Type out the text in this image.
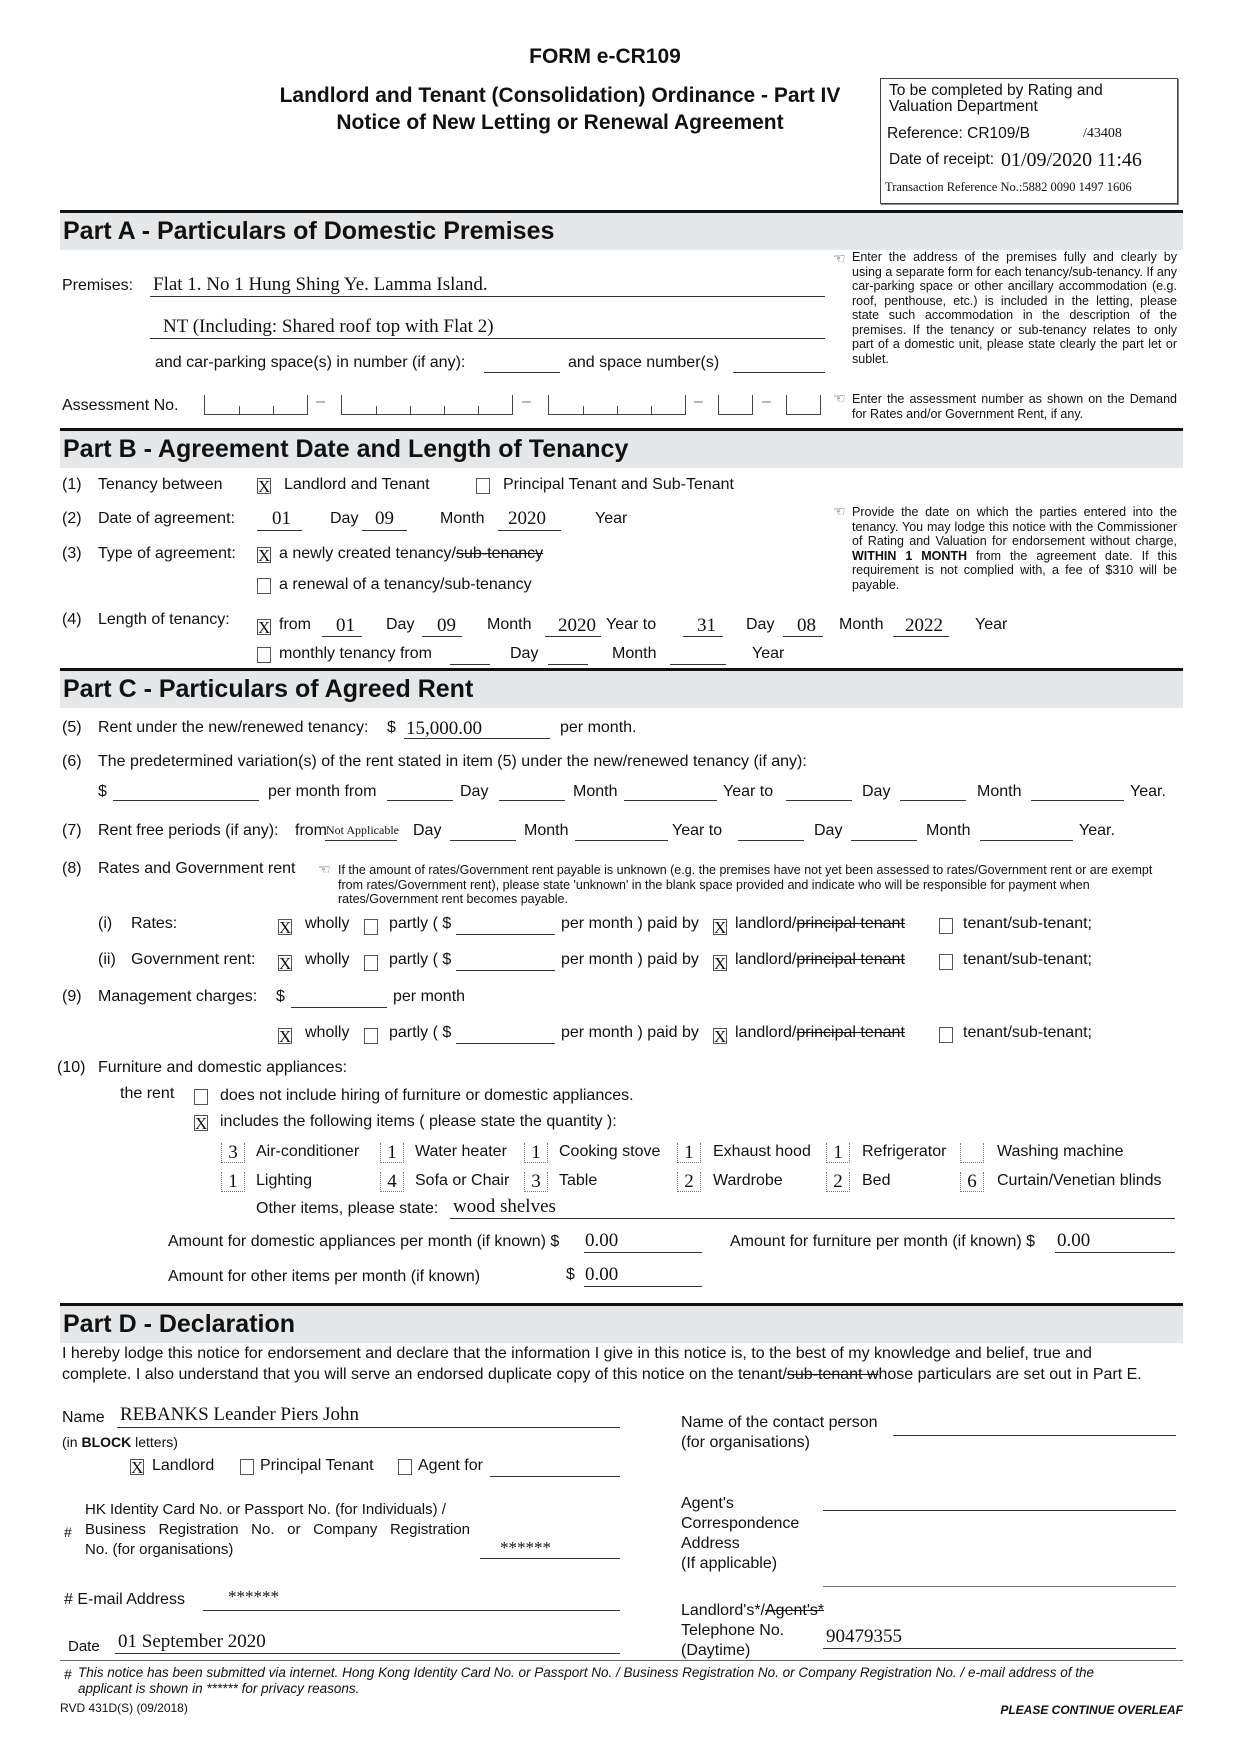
FORM e-CR109
Landlord and Tenant (Consolidation) Ordinance - Part IV
Notice of New Letting or Renewal Agreement
To be completed by Rating and Valuation Department
Reference: CR109/B	/43408
Date of receipt: 01/09/2020 11:46
Transaction Reference No.:5882 0090 1497 1606
Part A - Particulars of Domestic Premises
Premises: Flat 1. No 1 Hung Shing Ye. Lamma Island.
NT (Including: Shared roof top with Flat 2)
and car-parking space(s) in number (if any):	and space number(s)
Assessment No.	–	–	–	–
☜ Enter the address of the premises fully and clearly by using a separate form for each tenancy/sub-tenancy. If any car-parking space or other ancillary accommodation (e.g. roof, penthouse, etc.) is included in the letting, please state such accommodation in the description of the premises. If the tenancy or sub-tenancy relates to only part of a domestic unit, please state clearly the part let or sublet.
☜ Enter the assessment number as shown on the Demand for Rates and/or Government Rent, if any.
Part B - Agreement Date and Length of Tenancy
(1) Tenancy between X Landlord and Tenant	Principal Tenant and Sub-Tenant
(2) Date of agreement: 01 Day 09	Month 2020	Year
(3) Type of agreement: X a newly created tenancy/sub-tenancy
a renewal of a tenancy/sub-tenancy
(4) Length of tenancy: X from 01 Day 09 Month 2020 Year to 31 Day 08 Month 2022 Year
monthly tenancy from	Day	Month	Year
☜ Provide the date on which the parties entered into the tenancy. You may lodge this notice with the Commissioner of Rating and Valuation for endorsement without charge, WITHIN 1 MONTH from the agreement date. If this requirement is not complied with, a fee of $310 will be payable.
Part C - Particulars of Agreed Rent
(5) Rent under the new/renewed tenancy: $ 15,000.00	per month.
(6) The predetermined variation(s) of the rent stated in item (5) under the new/renewed tenancy (if any):
$	per month from	Day	Month	Year to	Day	Month	Year.
(7) Rent free periods (if any): from Not Applicable Day	Month	Year to	Day	Month	Year.
(8) Rates and Government rent ☜ If the amount of rates/Government rent payable is unknown (e.g. the premises have not yet been assessed to rates/Government rent or are exempt from rates/Government rent), please state 'unknown' in the blank space provided and indicate who will be responsible for payment when rates/Government rent becomes payable.
(i) Rates:	X wholly partly ( $	per month ) paid by X landlord/principal tenant	tenant/sub-tenant;
(ii) Government rent: X wholly partly ( $	per month ) paid by X landlord/principal tenant	tenant/sub-tenant;
(9) Management charges: $	per month
X wholly partly ( $	per month ) paid by X landlord/principal tenant	tenant/sub-tenant;
(10) Furniture and domestic appliances:
the rent	does not include hiring of furniture or domestic appliances.
X includes the following items ( please state the quantity ):
3	Air-conditioner	1	Water heater	1	Cooking stove	1	Exhaust hood	1	Refrigerator	Washing machine
1	Lighting	4	Sofa or Chair	3	Table	2	Wardrobe	2	Bed	6	Curtain/Venetian blinds
Other items, please state: wood shelves
Amount for domestic appliances per month (if known) $ 0.00	Amount for furniture per month (if known) $ 0.00
Amount for other items per month (if known)	$ 0.00
Part D - Declaration
I hereby lodge this notice for endorsement and declare that the information I give in this notice is, to the best of my knowledge and belief, true and
complete. I also understand that you will serve an endorsed duplicate copy of this notice on the tenant/sub-tenant whose particulars are set out in Part E.
Name REBANKS Leander Piers John
(in BLOCK letters)
X Landlord	Principal Tenant	Agent for
#
HK Identity Card No. or Passport No. (for Individuals) /
Business Registration No. or Company Registration
No. (for organisations)	******
# E-mail Address	******
Date 01 September 2020
Name of the contact person
(for organisations)
Agent's
Correspondence
Address
(If applicable)
Landlord's*/Agent's*
Telephone No.
(Daytime)
90479355
# This notice has been submitted via internet. Hong Kong Identity Card No. or Passport No. / Business Registration No. or Company Registration No. / e-mail address of the
applicant is shown in ****** for privacy reasons.
RVD 431D(S) (09/2018)	PLEASE CONTINUE OVERLEAF
